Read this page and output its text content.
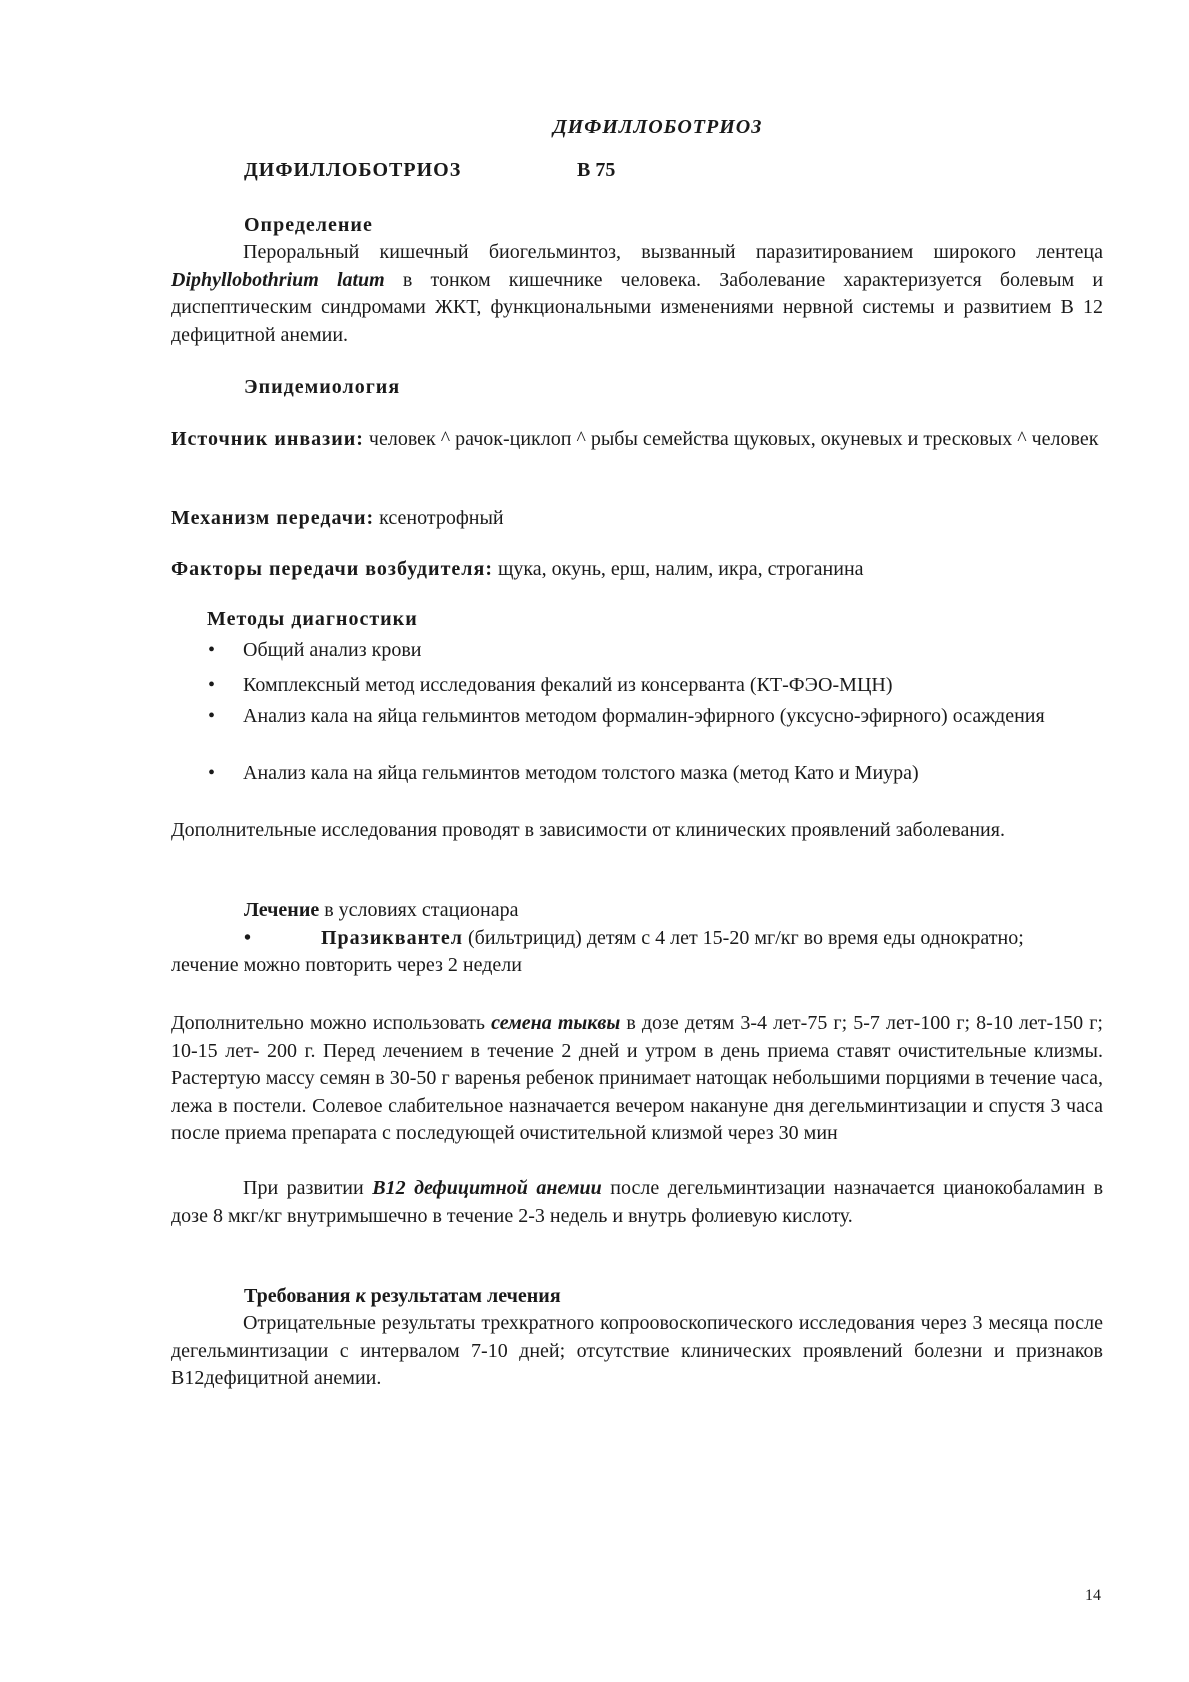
ДИФИЛЛОБОТРИОЗ
ДИФИЛЛОБОТРИОЗ	В 75
Определение
Пероральный кишечный биогельминтоз, вызванный паразитированием широкого лентеца Diphyllobothrium latum в тонком кишечнике человека. Заболевание характеризуется болевым и диспептическим синдромами ЖКТ, функциональными изменениями нервной системы и развитием В 12 дефицитной анемии.
Эпидемиология
Источник инвазии: человек ^ рачок-циклоп ^ рыбы семейства щуковых, окуневых и тресковых ^ человек
Механизм передачи: ксенотрофный
Факторы передачи возбудителя: щука, окунь, ерш, налим, икра, строганина
Методы диагностики
• Общий анализ крови
• Комплексный метод исследования фекалий из консерванта (КТ-ФЭО-МЦН)
• Анализ кала на яйца гельминтов методом формалин-эфирного (уксусно-эфирного) осаждения
• Анализ кала на яйца гельминтов методом толстого мазка (метод Като и Миура)
Дополнительные исследования проводят в зависимости от клинических проявлений заболевания.
Лечение в условиях стационара
•	Празиквантел (бильтрицид) детям с 4 лет 15-20 мг/кг во время еды однократно;
лечение можно повторить через 2 недели
Дополнительно можно использовать семена тыквы в дозе детям 3-4 лет-75 г; 5-7 лет-100 г; 8-10 лет-150 г; 10-15 лет- 200 г. Перед лечением в течение 2 дней и утром в день приема ставят очистительные клизмы. Растертую массу семян в 30-50 г варенья ребенок принимает натощак небольшими порциями в течение часа, лежа в постели. Солевое слабительное назначается вечером накануне дня дегельминтизации и спустя 3 часа после приема препарата с последующей очистительной клизмой через 30 мин
При развитии В12 дефицитной анемии после дегельминтизации назначается цианокобаламин в дозе 8 мкг/кг внутримышечно в течение 2-3 недель и внутрь фолиевую кислоту.
Требования к результатам лечения
Отрицательные результаты трехкратного копроовоскопического исследования через 3 месяца после дегельминтизации с интервалом 7-10 дней; отсутствие клинических проявлений болезни и признаков В12дефицитной анемии.
14
